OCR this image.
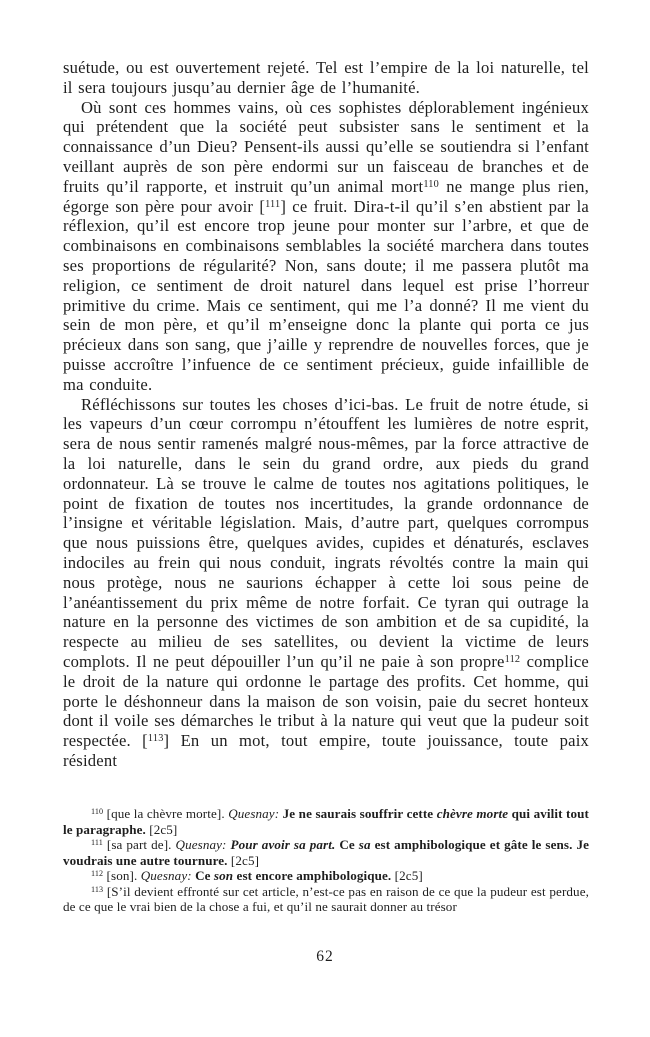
suétude, ou est ouvertement rejeté. Tel est l’empire de la loi naturelle, tel il sera toujours jusqu’au dernier âge de l’humanité.

Où sont ces hommes vains, où ces sophistes déplorablement ingénieux qui prétendent que la société peut subsister sans le sentiment et la connaissance d’un Dieu? Pensent-ils aussi qu’elle se soutiendra si l’enfant veillant auprès de son père endormi sur un faisceau de branches et de fruits qu’il rapporte, et instruit qu’un animal mort$^{110}$ ne mange plus rien, égorge son père pour avoir [$^{111}$] ce fruit. Dira-t-il qu’il s’en abstient par la réflexion, qu’il est encore trop jeune pour monter sur l’arbre, et que de combinaisons en combinaisons semblables la société marchera dans toutes ses proportions de régularité? Non, sans doute; il me passera plutôt ma religion, ce sentiment de droit naturel dans lequel est prise l’horreur primitive du crime. Mais ce sentiment, qui me l’a donné? Il me vient du sein de mon père, et qu’il m’enseigne donc la plante qui porta ce jus précieux dans son sang, que j’aille y reprendre de nouvelles forces, que je puisse accroître l’infuence de ce sentiment précieux, guide infaillible de ma conduite.

Réfléchissons sur toutes les choses d’ici-bas. Le fruit de notre étude, si les vapeurs d’un cœur corrompu n’étouffent les lumières de notre esprit, sera de nous sentir ramenés malgré nous-mêmes, par la force attractive de la loi naturelle, dans le sein du grand ordre, aux pieds du grand ordonnateur. Là se trouve le calme de toutes nos agitations politiques, le point de fixation de toutes nos incertitudes, la grande ordonnance de l’insigne et véritable législation. Mais, d’autre part, quelques corrompus que nous puissions être, quelques avides, cupides et dénaturés, esclaves indociles au frein qui nous conduit, ingrats révoltés contre la main qui nous protège, nous ne saurions échapper à cette loi sous peine de l’anéantissement du prix même de notre forfait. Ce tyran qui outrage la nature en la personne des victimes de son ambition et de sa cupidité, la respecte au milieu de ses satellites, ou devient la victime de leurs complots. Il ne peut dépouiller l’un qu’il ne paie à son propre$^{112}$ complice le droit de la nature qui ordonne le partage des profits. Cet homme, qui porte le déshonneur dans la maison de son voisin, paie du secret honteux dont il voile ses démarches le tribut à la nature qui veut que la pudeur soit respectée. [$^{113}$] En un mot, tout empire, toute jouissance, toute paix résident

$^{110}$ [que la chèvre morte]. Quesnay: Je ne saurais souffrir cette chèvre morte qui avilit tout le paragraphe. [2c5]

$^{111}$ [sa part de]. Quesnay: Pour avoir sa part. Ce sa est amphibologique et gâte le sens. Je voudrais une autre tournure. [2c5]

$^{112}$ [son]. Quesnay: Ce son est encore amphibologique. [2c5]

$^{113}$ [S’il devient effronté sur cet article, n’est-ce pas en raison de ce que la pudeur est perdue, de ce que le vrai bien de la chose a fui, et qu’il ne saurait donner au trésor

62
